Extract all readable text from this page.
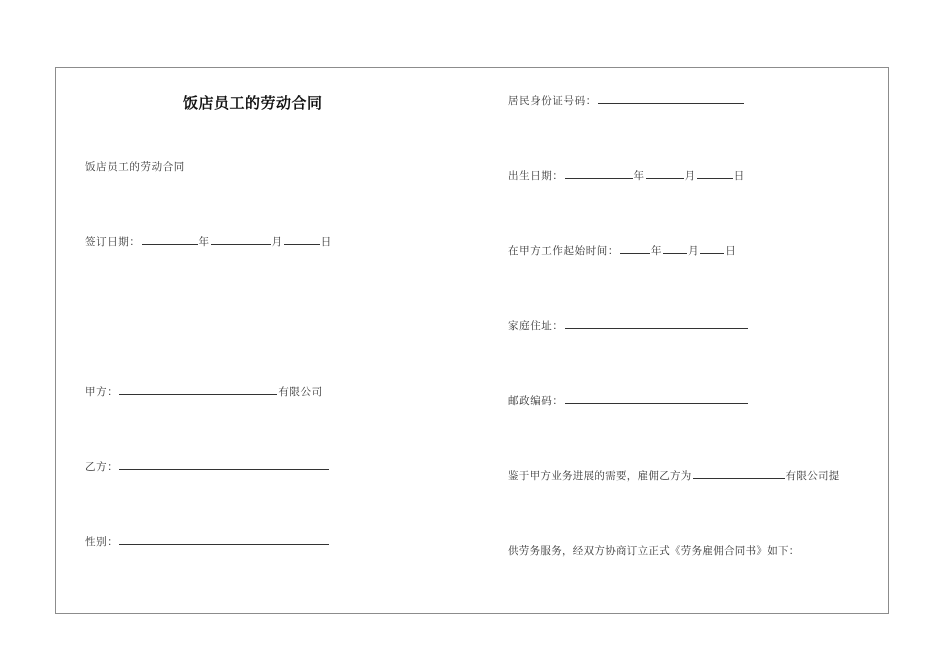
饭店员工的劳动合同
饭店员工的劳动合同
签订日期：	年	月	日
甲方：	有限公司
乙方：
性别：
居民身份证号码：
出生日期：	年	月	日
在甲方工作起始时间：	年 月 日
家庭住址：
邮政编码：
鉴于甲方业务进展的需要，雇佣乙方为	有限公司提
供劳务服务，经双方协商订立正式《劳务雇佣合同书》如下：
